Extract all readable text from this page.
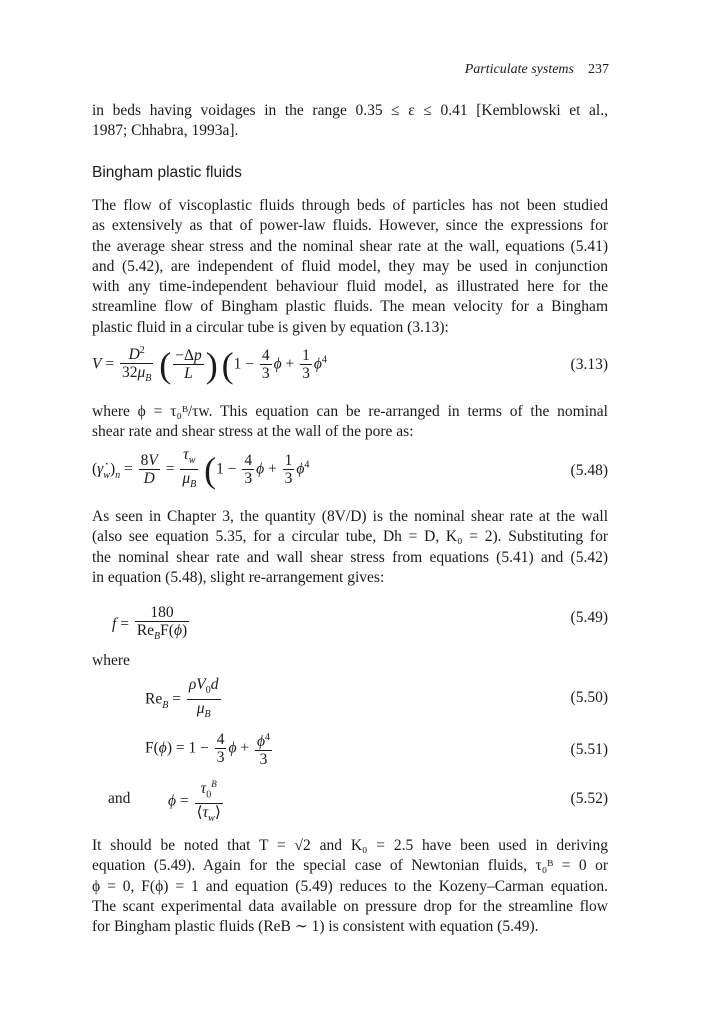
Particulate systems 237
in beds having voidages in the range 0.35 ≤ ε ≤ 0.41 [Kemblowski et al.,
1987; Chhabra, 1993a].
Bingham plastic fluids
The flow of viscoplastic fluids through beds of particles has not been studied
as extensively as that of power-law fluids. However, since the expressions for
the average shear stress and the nominal shear rate at the wall, equations (5.41)
and (5.42), are independent of fluid model, they may be used in conjunction
with any time-independent behaviour fluid model, as illustrated here for the
streamline flow of Bingham plastic fluids. The mean velocity for a Bingham
plastic fluid in a circular tube is given by equation (3.13):
$V = \frac{D^2}{32\mu_B}$ ( $\frac{-\Delta p}{L}$ ) ($1 - \frac{4}{3}$ $\phi + \frac{1}{3} \phi^4$	(3.13)
where ϕ = τ₀ᴮ/τw. This equation can be re-arranged in terms of the nominal
shear rate and shear stress at the wall of the pore as:
$(\gammȧ_w)_n = \frac{8V}{D} = \frac{\tau_w}{\mu_B} (1 - \frac{4}{3}$ $\phi + \frac{1}{3} \phi^4$	(5.48)
As seen in Chapter 3, the quantity (8V/D) is the nominal shear rate at the wall
(also see equation 5.35, for a circular tube, Dh = D, K₀ = 2). Substituting for
the nominal shear rate and wall shear stress from equations (5.41) and (5.42)
in equation (5.48), slight re-arrangement gives:
$f = \frac{180}{Re_BF(\phi)}$	(5.49)
where
$Re_B = \frac{\rho V_0d}{\mu_B}$	(5.50)
$F(\phi) = 1 - \frac{4}{3}$ $\phi + \frac{\phi^4}{3}$	(5.51)
and $\phi = \frac{\tau_0^B}{⟨\tau_w⟩}$	(5.52)
It should be noted that T = √2 and K₀ = 2.5 have been used in deriving
equation (5.49). Again for the special case of Newtonian fluids, τ₀ᴮ = 0 or
ϕ = 0, F(ϕ) = 1 and equation (5.49) reduces to the Kozeny–Carman equation.
The scant experimental data available on pressure drop for the streamline flow
for Bingham plastic fluids (ReB ∼ 1) is consistent with equation (5.49).
